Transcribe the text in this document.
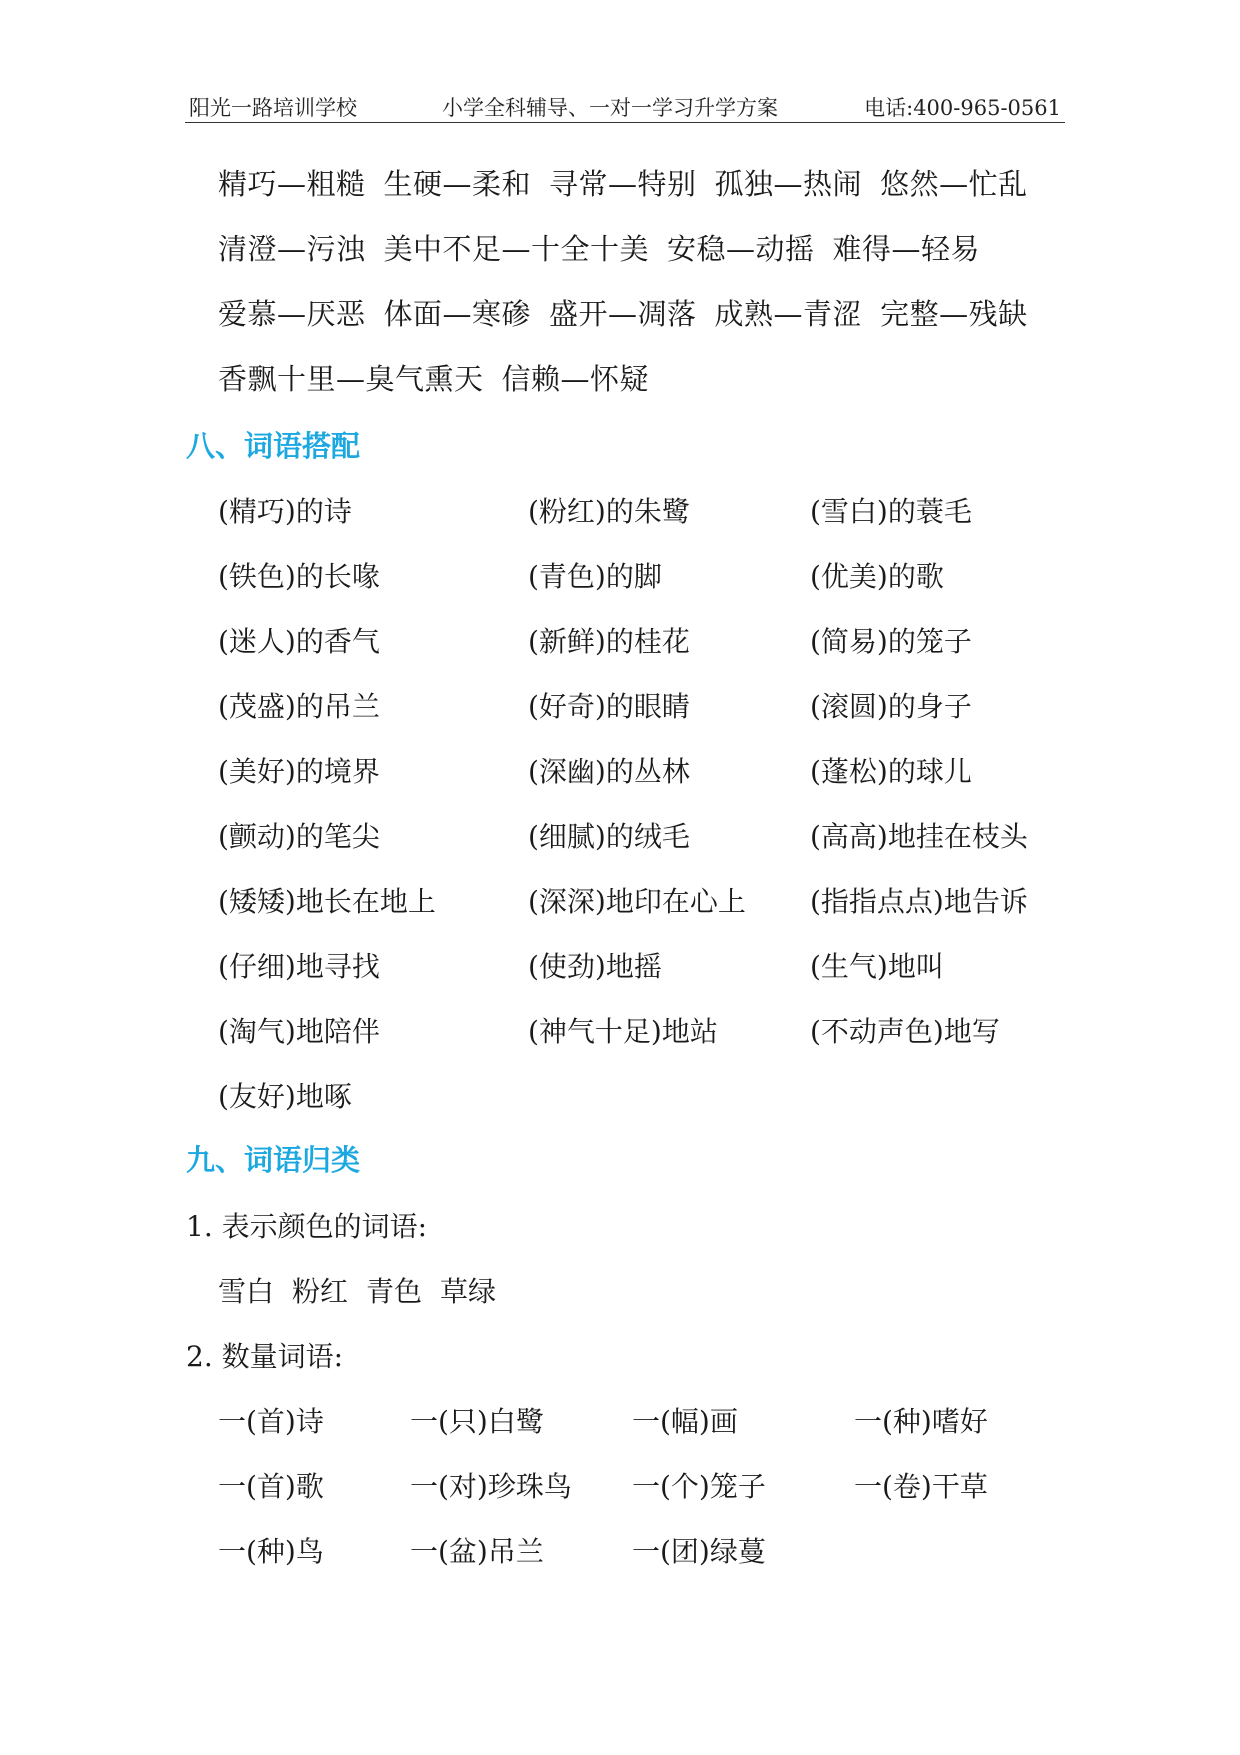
阳光一路培训学校	小学全科辅导、一对一学习升学方案	电话:400-965-0561
精巧—粗糙 生硬—柔和 寻常—特别 孤独—热闹 悠然—忙乱
清澄—污浊 美中不足—十全十美 安稳—动摇 难得—轻易
爱慕—厌恶 体面—寒碜 盛开—凋落 成熟—青涩 完整—残缺
香飘十里—臭气熏天 信赖—怀疑
八、词语搭配
(精巧)的诗	(粉红)的朱鹭	(雪白)的蓑毛
(铁色)的长喙	(青色)的脚	(优美)的歌
(迷人)的香气	(新鲜)的桂花	(简易)的笼子
(茂盛)的吊兰	(好奇)的眼睛	(滚圆)的身子
(美好)的境界	(深幽)的丛林	(蓬松)的球儿
(颤动)的笔尖	(细腻)的绒毛	(高高)地挂在枝头
(矮矮)地长在地上	(深深)地印在心上 (指指点点)地告诉
(仔细)地寻找	(使劲)地摇	(生气)地叫
(淘气)地陪伴	(神气十足)地站	(不动声色)地写
(友好)地啄
九、词语归类
1. 表示颜色的词语:
雪白 粉红 青色 草绿
2. 数量词语:
一(首)诗	一(只)白鹭	一(幅)画	一(种)嗜好
一(首)歌	一(对)珍珠鸟 一(个)笼子	一(卷)干草
一(种)鸟	一(盆)吊兰	一(团)绿蔓
